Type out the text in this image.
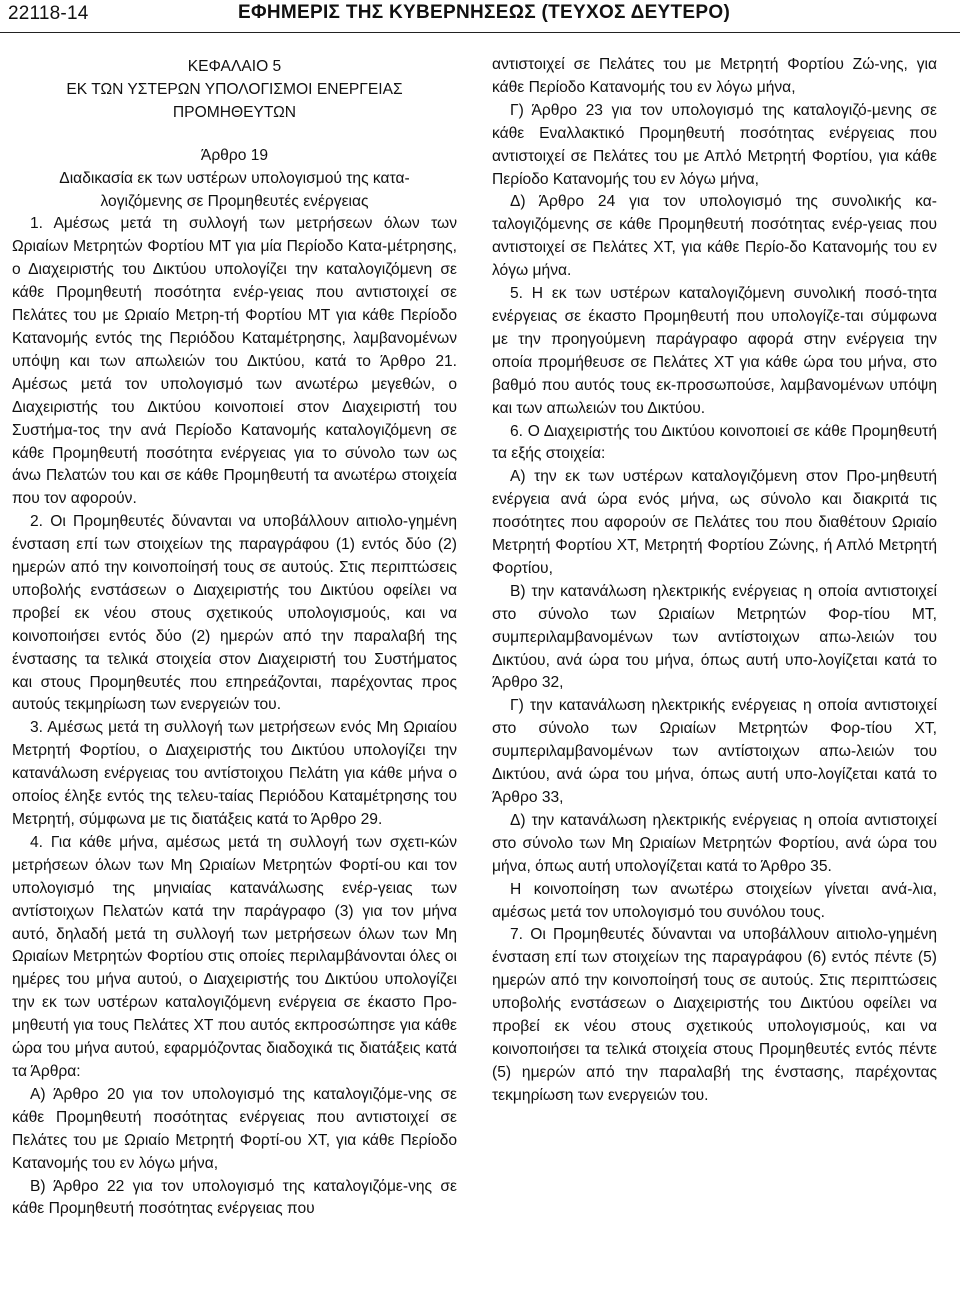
22118-14	ΕΦΗΜΕΡΙΣ ΤΗΣ ΚΥΒΕΡΝΗΣΕΩΣ (ΤΕΥΧΟΣ ΔΕΥΤΕΡΟ)
ΚΕΦΑΛΑΙΟ 5
ΕΚ ΤΩΝ ΥΣΤΕΡΩΝ ΥΠΟΛΟΓΙΣΜΟΙ ΕΝΕΡΓΕΙΑΣ
ΠΡΟΜΗΘΕΥΤΩΝ
Άρθρο 19
Διαδικασία εκ των υστέρων υπολογισμού της κατα-
λογιζόμενης σε Προμηθευτές ενέργειας

1. Αμέσως μετά τη συλλογή των μετρήσεων όλων των Ωριαίων Μετρητών Φορτίου ΜΤ για μία Περίοδο Κατα-μέτρησης, ο Διαχειριστής του Δικτύου υπολογίζει την καταλογιζόμενη σε κάθε Προμηθευτή ποσότητα ενέρ-γειας που αντιστοιχεί σε Πελάτες του με Ωριαίο Μετρη-τή Φορτίου ΜΤ για κάθε Περίοδο Κατανομής εντός της Περιόδου Καταμέτρησης, λαμβανομένων υπόψη και των απωλειών του Δικτύου, κατά το Άρθρο 21. Αμέσως μετά τον υπολογισμό των ανωτέρω μεγεθών, ο Διαχειριστής του Δικτύου κοινοποιεί στον Διαχειριστή του Συστήμα-τος την ανά Περίοδο Κατανομής καταλογιζόμενη σε κάθε Προμηθευτή ποσότητα ενέργειας για το σύνολο των ως άνω Πελατών του και σε κάθε Προμηθευτή τα ανωτέρω στοιχεία που τον αφορούν.

2. Οι Προμηθευτές δύνανται να υποβάλλουν αιτιολο-γημένη ένσταση επί των στοιχείων της παραγράφου (1) εντός δύο (2) ημερών από την κοινοποίησή τους σε αυτούς. Στις περιπτώσεις υποβολής ενστάσεων ο Διαχειριστής του Δικτύου οφείλει να προβεί εκ νέου στους σχετικούς υπολογισμούς, και να κοινοποιήσει εντός δύο (2) ημερών από την παραλαβή της ένστασης τα τελικά στοιχεία στον Διαχειριστή του Συστήματος και στους Προμηθευτές που επηρεάζονται, παρέχοντας προς αυτούς τεκμηρίωση των ενεργειών του.

3. Αμέσως μετά τη συλλογή των μετρήσεων ενός Μη Ωριαίου Μετρητή Φορτίου, ο Διαχειριστής του Δικτύου υπολογίζει την κατανάλωση ενέργειας του αντίστοιχου Πελάτη για κάθε μήνα ο οποίος έληξε εντός της τελευ-ταίας Περιόδου Καταμέτρησης του Μετρητή, σύμφωνα με τις διατάξεις κατά το Άρθρο 29.

4. Για κάθε μήνα, αμέσως μετά τη συλλογή των σχετι-κών μετρήσεων όλων των Μη Ωριαίων Μετρητών Φορτί-ου και τον υπολογισμό της μηνιαίας κατανάλωσης ενέρ-γειας των αντίστοιχων Πελατών κατά την παράγραφο (3) για τον μήνα αυτό, δηλαδή μετά τη συλλογή των μετρήσεων όλων των Μη Ωριαίων Μετρητών Φορτίου στις οποίες περιλαμβάνονται όλες οι ημέρες του μήνα αυτού, ο Διαχειριστής του Δικτύου υπολογίζει την εκ των υστέρων καταλογιζόμενη ενέργεια σε έκαστο Προ-μηθευτή για τους Πελάτες ΧΤ που αυτός εκπροσώπησε για κάθε ώρα του μήνα αυτού, εφαρμόζοντας διαδοχικά τις διατάξεις κατά τα Άρθρα:

Α) Άρθρο 20 για τον υπολογισμό της καταλογιζόμε-νης σε κάθε Προμηθευτή ποσότητας ενέργειας που αντιστοιχεί σε Πελάτες του με Ωριαίο Μετρητή Φορτί-ου ΧΤ, για κάθε Περίοδο Κατανομής του εν λόγω μήνα,

Β) Άρθρο 22 για τον υπολογισμό της καταλογιζόμε-νης σε κάθε Προμηθευτή ποσότητας ενέργειας που

αντιστοιχεί σε Πελάτες του με Μετρητή Φορτίου Ζώ-νης, για κάθε Περίοδο Κατανομής του εν λόγω μήνα,

Γ) Άρθρο 23 για τον υπολογισμό της καταλογιζό-μενης σε κάθε Εναλλακτικό Προμηθευτή ποσότητας ενέργειας που αντιστοιχεί σε Πελάτες του με Απλό Μετρητή Φορτίου, για κάθε Περίοδο Κατανομής του εν λόγω μήνα,

Δ) Άρθρο 24 για τον υπολογισμό της συνολικής κα-ταλογιζόμενης σε κάθε Προμηθευτή ποσότητας ενέρ-γειας που αντιστοιχεί σε Πελάτες ΧΤ, για κάθε Περίο-δο Κατανομής του εν λόγω μήνα.

5. Η εκ των υστέρων καταλογιζόμενη συνολική ποσό-τητα ενέργειας σε έκαστο Προμηθευτή που υπολογίζε-ται σύμφωνα με την προηγούμενη παράγραφο αφορά στην ενέργεια την οποία προμήθευσε σε Πελάτες ΧΤ για κάθε ώρα του μήνα, στο βαθμό που αυτός τους εκ-προσωπούσε, λαμβανομένων υπόψη και των απωλειών του Δικτύου.

6. Ο Διαχειριστής του Δικτύου κοινοποιεί σε κάθε Προμηθευτή τα εξής στοιχεία:

Α) την εκ των υστέρων καταλογιζόμενη στον Προ-μηθευτή ενέργεια ανά ώρα ενός μήνα, ως σύνολο και διακριτά τις ποσότητες που αφορούν σε Πελάτες του που διαθέτουν Ωριαίο Μετρητή Φορτίου ΧΤ, Μετρητή Φορτίου Ζώνης, ή Απλό Μετρητή Φορτίου,

Β) την κατανάλωση ηλεκτρικής ενέργειας η οποία αντιστοιχεί στο σύνολο των Ωριαίων Μετρητών Φορ-τίου ΜΤ, συμπεριλαμβανομένων των αντίστοιχων απω-λειών του Δικτύου, ανά ώρα του μήνα, όπως αυτή υπο-λογίζεται κατά το Άρθρο 32,

Γ) την κατανάλωση ηλεκτρικής ενέργειας η οποία αντιστοιχεί στο σύνολο των Ωριαίων Μετρητών Φορ-τίου ΧΤ, συμπεριλαμβανομένων των αντίστοιχων απω-λειών του Δικτύου, ανά ώρα του μήνα, όπως αυτή υπο-λογίζεται κατά το Άρθρο 33,

Δ) την κατανάλωση ηλεκτρικής ενέργειας η οποία αντιστοιχεί στο σύνολο των Μη Ωριαίων Μετρητών Φορτίου, ανά ώρα του μήνα, όπως αυτή υπολογίζεται κατά το Άρθρο 35.

Η κοινοποίηση των ανωτέρω στοιχείων γίνεται ανά-λια, αμέσως μετά τον υπολογισμό του συνόλου τους.

7. Οι Προμηθευτές δύνανται να υποβάλλουν αιτιολο-γημένη ένσταση επί των στοιχείων της παραγράφου (6) εντός πέντε (5) ημερών από την κοινοποίησή τους σε αυτούς. Στις περιπτώσεις υποβολής ενστάσεων ο Διαχειριστής του Δικτύου οφείλει να προβεί εκ νέου στους σχετικούς υπολογισμούς, και να κοινοποιήσει τα τελικά στοιχεία στους Προμηθευτές εντός πέντε (5) ημερών από την παραλαβή της ένστασης, παρέχοντας τεκμηρίωση των ενεργειών του.
